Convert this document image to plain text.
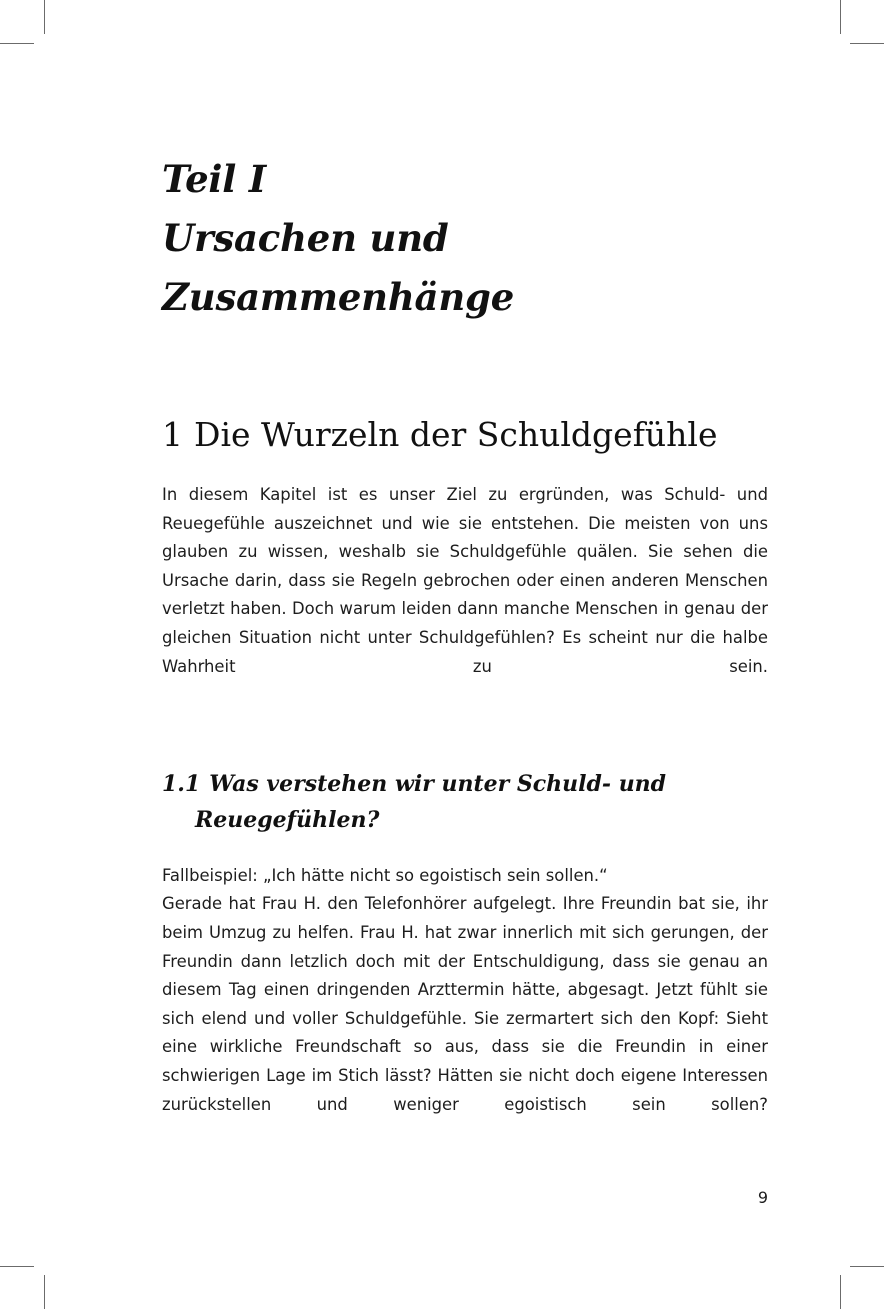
Teil I
Ursachen und
Zusammenhänge
1 Die Wurzeln der Schuldgefühle

In diesem Kapitel ist es unser Ziel zu ergründen, was Schuld- und Reuegefühle auszeichnet und wie sie entstehen. Die meisten von uns glauben zu wissen, weshalb sie Schuldgefühle quälen. Sie sehen die Ursache darin, dass sie Regeln gebrochen oder einen anderen Menschen verletzt haben. Doch warum leiden dann manche Menschen in genau der gleichen Situation nicht unter Schuldgefühlen? Es scheint nur die halbe Wahrheit zu sein.

1.1 Was verstehen wir unter Schuld- und Reuegefühlen?

Fallbeispiel: „Ich hätte nicht so egoistisch sein sollen.“

Gerade hat Frau H. den Telefonhörer aufgelegt. Ihre Freundin bat sie, ihr beim Umzug zu helfen. Frau H. hat zwar innerlich mit sich gerungen, der Freundin dann letzlich doch mit der Entschuldigung, dass sie genau an diesem Tag einen dringenden Arzttermin hätte, abgesagt. Jetzt fühlt sie sich elend und voller Schuldgefühle. Sie zermartert sich den Kopf: Sieht eine wirkliche Freundschaft so aus, dass sie die Freundin in einer schwierigen Lage im Stich lässt? Hätten sie nicht doch eigene Interessen zurückstellen und weniger egoistisch sein sollen?

9
